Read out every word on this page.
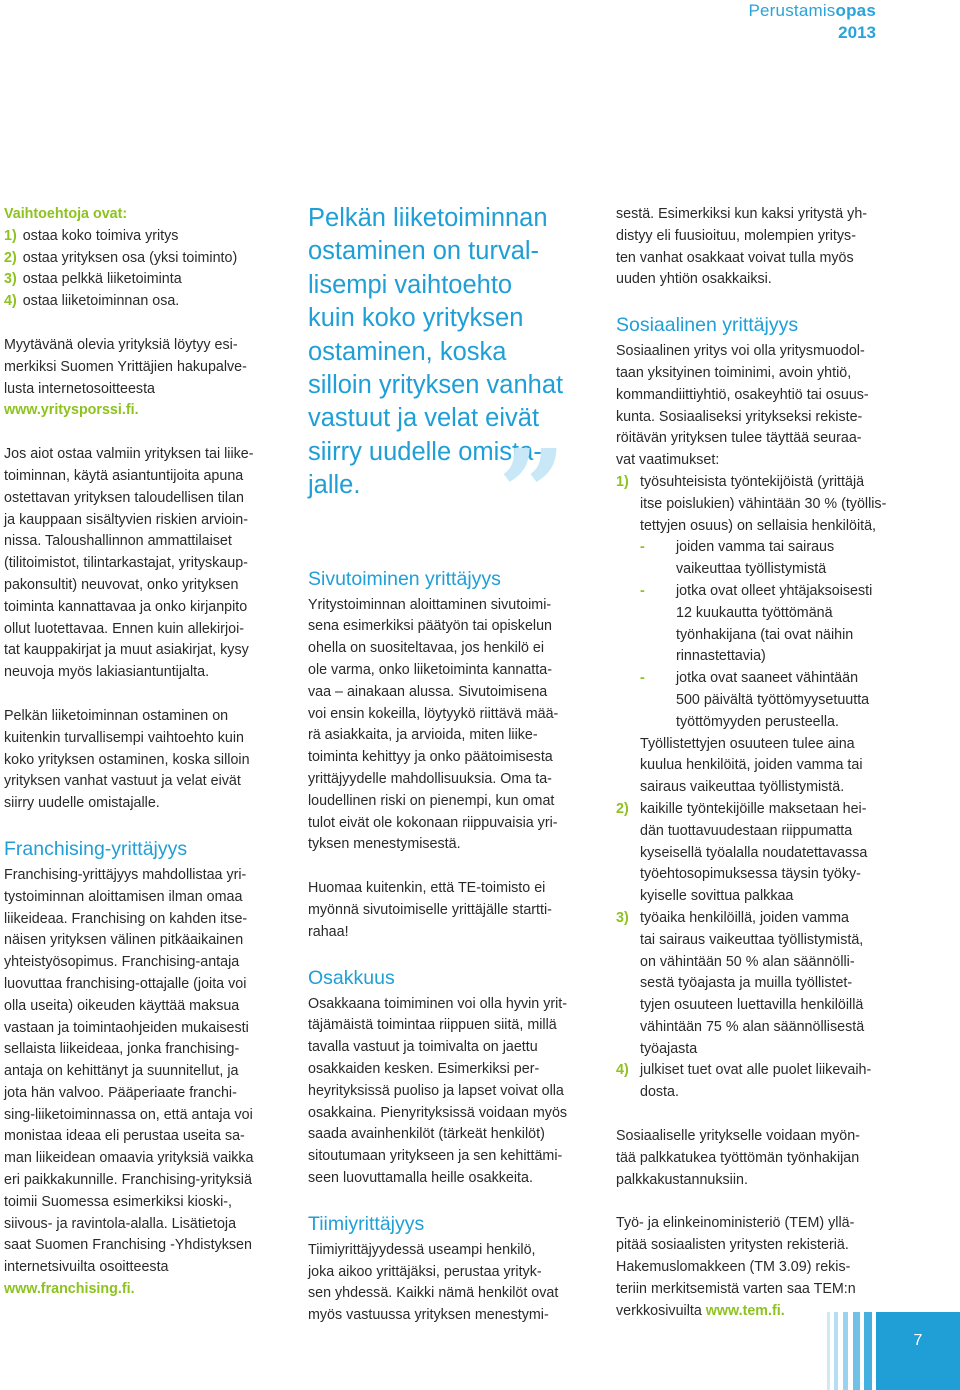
Perustamisopas
2013
Vaihtoehtoja ovat:
1) ostaa koko toimiva yritys
2) ostaa yrityksen osa (yksi toiminto)
3) ostaa pelkkä liiketoiminta
4) ostaa liiketoiminnan osa.
Myytävänä olevia yrityksiä löytyy esi-
merkiksi Suomen Yrittäjien hakupalve-
lusta internetosoitteesta
www.yritysporssi.fi.
Jos aiot ostaa valmiin yrityksen tai liike-
toiminnan, käytä asiantuntijoita apuna
ostettavan yrityksen taloudellisen tilan
ja kauppaan sisältyvien riskien arvioin-
nissa. Taloushallinnon ammattilaiset
(tilitoimistot, tilintarkastajat, yrityskaup-
pakonsultit) neuvovat, onko yrityksen
toiminta kannattavaa ja onko kirjanpito
ollut luotettavaa. Ennen kuin allekirjoi-
tat kauppakirjat ja muut asiakirjat, kysy
neuvoja myös lakiasiantuntijalta.
Pelkän liiketoiminnan ostaminen on
kuitenkin turvallisempi vaihtoehto kuin
koko yrityksen ostaminen, koska silloin
yrityksen vanhat vastuut ja velat eivät
siirry uudelle omistajalle.
Franchising-yrittäjyys
Franchising-yrittäjyys mahdollistaa yri-
tystoiminnan aloittamisen ilman omaa
liikeideaa. Franchising on kahden itse-
näisen yrityksen välinen pitkäaikainen
yhteistyösopimus. Franchising-antaja
luovuttaa franchising-ottajalle (joita voi
olla useita) oikeuden käyttää maksua
vastaan ja toimintaohjeiden mukaisesti
sellaista liikeideaa, jonka franchising-
antaja on kehittänyt ja suunnitellut, ja
jota hän valvoo. Pääperiaate franchi-
sing-liiketoiminnassa on, että antaja voi
monistaa ideaa eli perustaa useita sa-
man liikeidean omaavia yrityksiä vaikka
eri paikkakunnille. Franchising-yrityksiä
toimii Suomessa esimerkiksi kioski-,
siivous- ja ravintola-alalla. Lisätietoja
saat Suomen Franchising -Yhdistyksen
internetsivuilta osoitteesta
www.franchising.fi.
Pelkän liiketoiminnan
ostaminen on turval-
lisempi vaihtoehto
kuin koko yrityksen
ostaminen, koska
silloin yrityksen vanhat
vastuut ja velat eivät
siirry uudelle omista-
jalle.	”
Sivutoiminen yrittäjyys
Yritystoiminnan aloittaminen sivutoimi-
sena esimerkiksi päätyön tai opiskelun
ohella on suositeltavaa, jos henkilö ei
ole varma, onko liiketoiminta kannatta-
vaa – ainakaan alussa. Sivutoimisena
voi ensin kokeilla, löytyykö riittävä mää-
rä asiakkaita, ja arvioida, miten liike-
toiminta kehittyy ja onko päätoimisesta
yrittäjyydelle mahdollisuuksia. Oma ta-
loudellinen riski on pienempi, kun omat
tulot eivät ole kokonaan riippuvaisia yri-
tyksen menestymisestä.
Huomaa kuitenkin, että TE-toimisto ei
myönnä sivutoimiselle yrittäjälle startti-
rahaa!
Osakkuus
Osakkaana toimiminen voi olla hyvin yrit-
täjämäistä toimintaa riippuen siitä, millä
tavalla vastuut ja toimivalta on jaettu
osakkaiden kesken. Esimerkiksi per-
heyrityksissä puoliso ja lapset voivat olla
osakkaina. Pienyrityksissä voidaan myös
saada avainhenkilöt (tärkeät henkilöt)
sitoutumaan yritykseen ja sen kehittämi-
seen luovuttamalla heille osakkeita.
Tiimiyrittäjyys
Tiimiyrittäjyydessä useampi henkilö,
joka aikoo yrittäjäksi, perustaa yrityk-
sen yhdessä. Kaikki nämä henkilöt ovat
myös vastuussa yrityksen menestymi-
sestä. Esimerkiksi kun kaksi yritystä yh-
distyy eli fuusioituu, molempien yritys-
ten vanhat osakkaat voivat tulla myös
uuden yhtiön osakkaiksi.
Sosiaalinen yrittäjyys
Sosiaalinen yritys voi olla yritysmuodol-
taan yksityinen toiminimi, avoin yhtiö,
kommandiittiyhtiö, osakeyhtiö tai osuus-
kunta. Sosiaaliseksi yritykseksi rekiste-
röitävän yrityksen tulee täyttää seuraa-
vat vaatimukset:
1) työsuhteisista työntekijöistä (yrittäjä
itse poislukien) vähintään 30 % (työllis-
tettyjen osuus) on sellaisia henkilöitä,
- joiden vamma tai sairaus
vaikeuttaa työllistymistä
- jotka ovat olleet yhtäjaksoisesti
12 kuukautta työttömänä
työnhakijana (tai ovat näihin
rinnastettavia)
- jotka ovat saaneet vähintään
500 päivältä työttömyysetuutta
työttömyyden perusteella.
Työllistettyjen osuuteen tulee aina
kuulua henkilöitä, joiden vamma tai
sairaus vaikeuttaa työllistymistä.
2) kaikille työntekijöille maksetaan hei-
dän tuottavuudestaan riippumatta
kyseisellä työalalla noudatettavassa
työehtosopimuksessa täysin työky-
kyiselle sovittua palkkaa
3) työaika henkilöillä, joiden vamma
tai sairaus vaikeuttaa työllistymistä,
on vähintään 50 % alan säännölli-
sestä työajasta ja muilla työllistet-
tyjen osuuteen luettavilla henkilöillä
vähintään 75 % alan säännöllisestä
työajasta
4) julkiset tuet ovat alle puolet liikevaih-
dosta.
Sosiaaliselle yritykselle voidaan myön-
tää palkkatukea työttömän työnhakijan
palkkakustannuksiin.
Työ- ja elinkeinoministeriö (TEM) yllä-
pitää sosiaalisten yritysten rekisteriä.
Hakemuslomakkeen (TM 3.09) rekis-
teriin merkitsemistä varten saa TEM:n
verkkosivuilta www.tem.fi.
7
